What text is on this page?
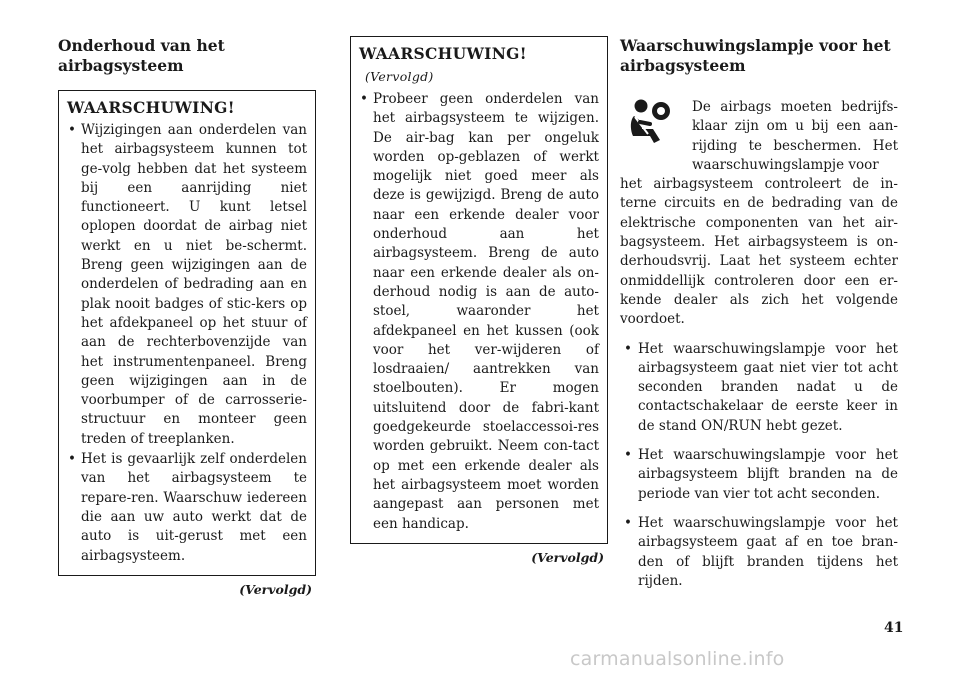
Onderhoud van het airbagsysteem
WAARSCHUWING!
• Wijzigingen aan onderdelen van het airbagsysteem kunnen tot ge-volg hebben dat het systeem bij een aanrijding niet functioneert. U kunt letsel oplopen doordat de airbag niet werkt en u niet be-schermt. Breng geen wijzigingen aan de onderdelen of bedrading aan en plak nooit badges of stic-kers op het afdekpaneel op het stuur of aan de rechterbovenzijde van het instrumentenpaneel. Breng geen wijzigingen aan in de voorbumper of de carrosserie-structuur en monteer geen treden of treeplanken.
• Het is gevaarlijk zelf onderdelen van het airbagsysteem te repare-ren. Waarschuw iedereen die aan uw auto werkt dat de auto is uit-gerust met een airbagsysteem.
(Vervolgd)
WAARSCHUWING!(Vervolgd)
• Probeer geen onderdelen van het airbagsysteem te wijzigen. De air-bag kan per ongeluk worden op-geblazen of werkt mogelijk niet goed meer als deze is gewijzigd. Breng de auto naar een erkende dealer voor onderhoud aan het airbagsysteem. Breng de auto naar een erkende dealer als on-derhoud nodig is aan de auto-stoel, waaronder het afdekpaneel en het kussen (ook voor het ver-wijderen of losdraaien/ aantrekken van stoelbouten). Er mogen uitsluitend door de fabri-kant goedgekeurde stoelaccessoi-res worden gebruikt. Neem con-tact op met een erkende dealer als het airbagsysteem moet worden aangepast aan personen met een handicap.
(Vervolgd)
Waarschuwingslampje voor het airbagsysteem

De airbags moeten bedrijfs-klaar zijn om u bij een aan-rijding te beschermen. Het waarschuwingslampje voor

het airbagsysteem controleert de in-terne circuits en de bedrading van de elektrische componenten van het air-bagsysteem. Het airbagsysteem is on-derhoudsvrij. Laat het systeem echter onmiddellijk controleren door een er-kende dealer als zich het volgende voordoet.

• Het waarschuwingslampje voor het airbagsysteem gaat niet vier tot acht seconden branden nadat u de contactschakelaar de eerste keer in de stand ON/RUN hebt gezet.
• Het waarschuwingslampje voor het airbagsysteem blijft branden na de periode van vier tot acht seconden.
• Het waarschuwingslampje voor het airbagsysteem gaat af en toe bran-den of blijft branden tijdens het rijden.
41
carmanualsonline.info
